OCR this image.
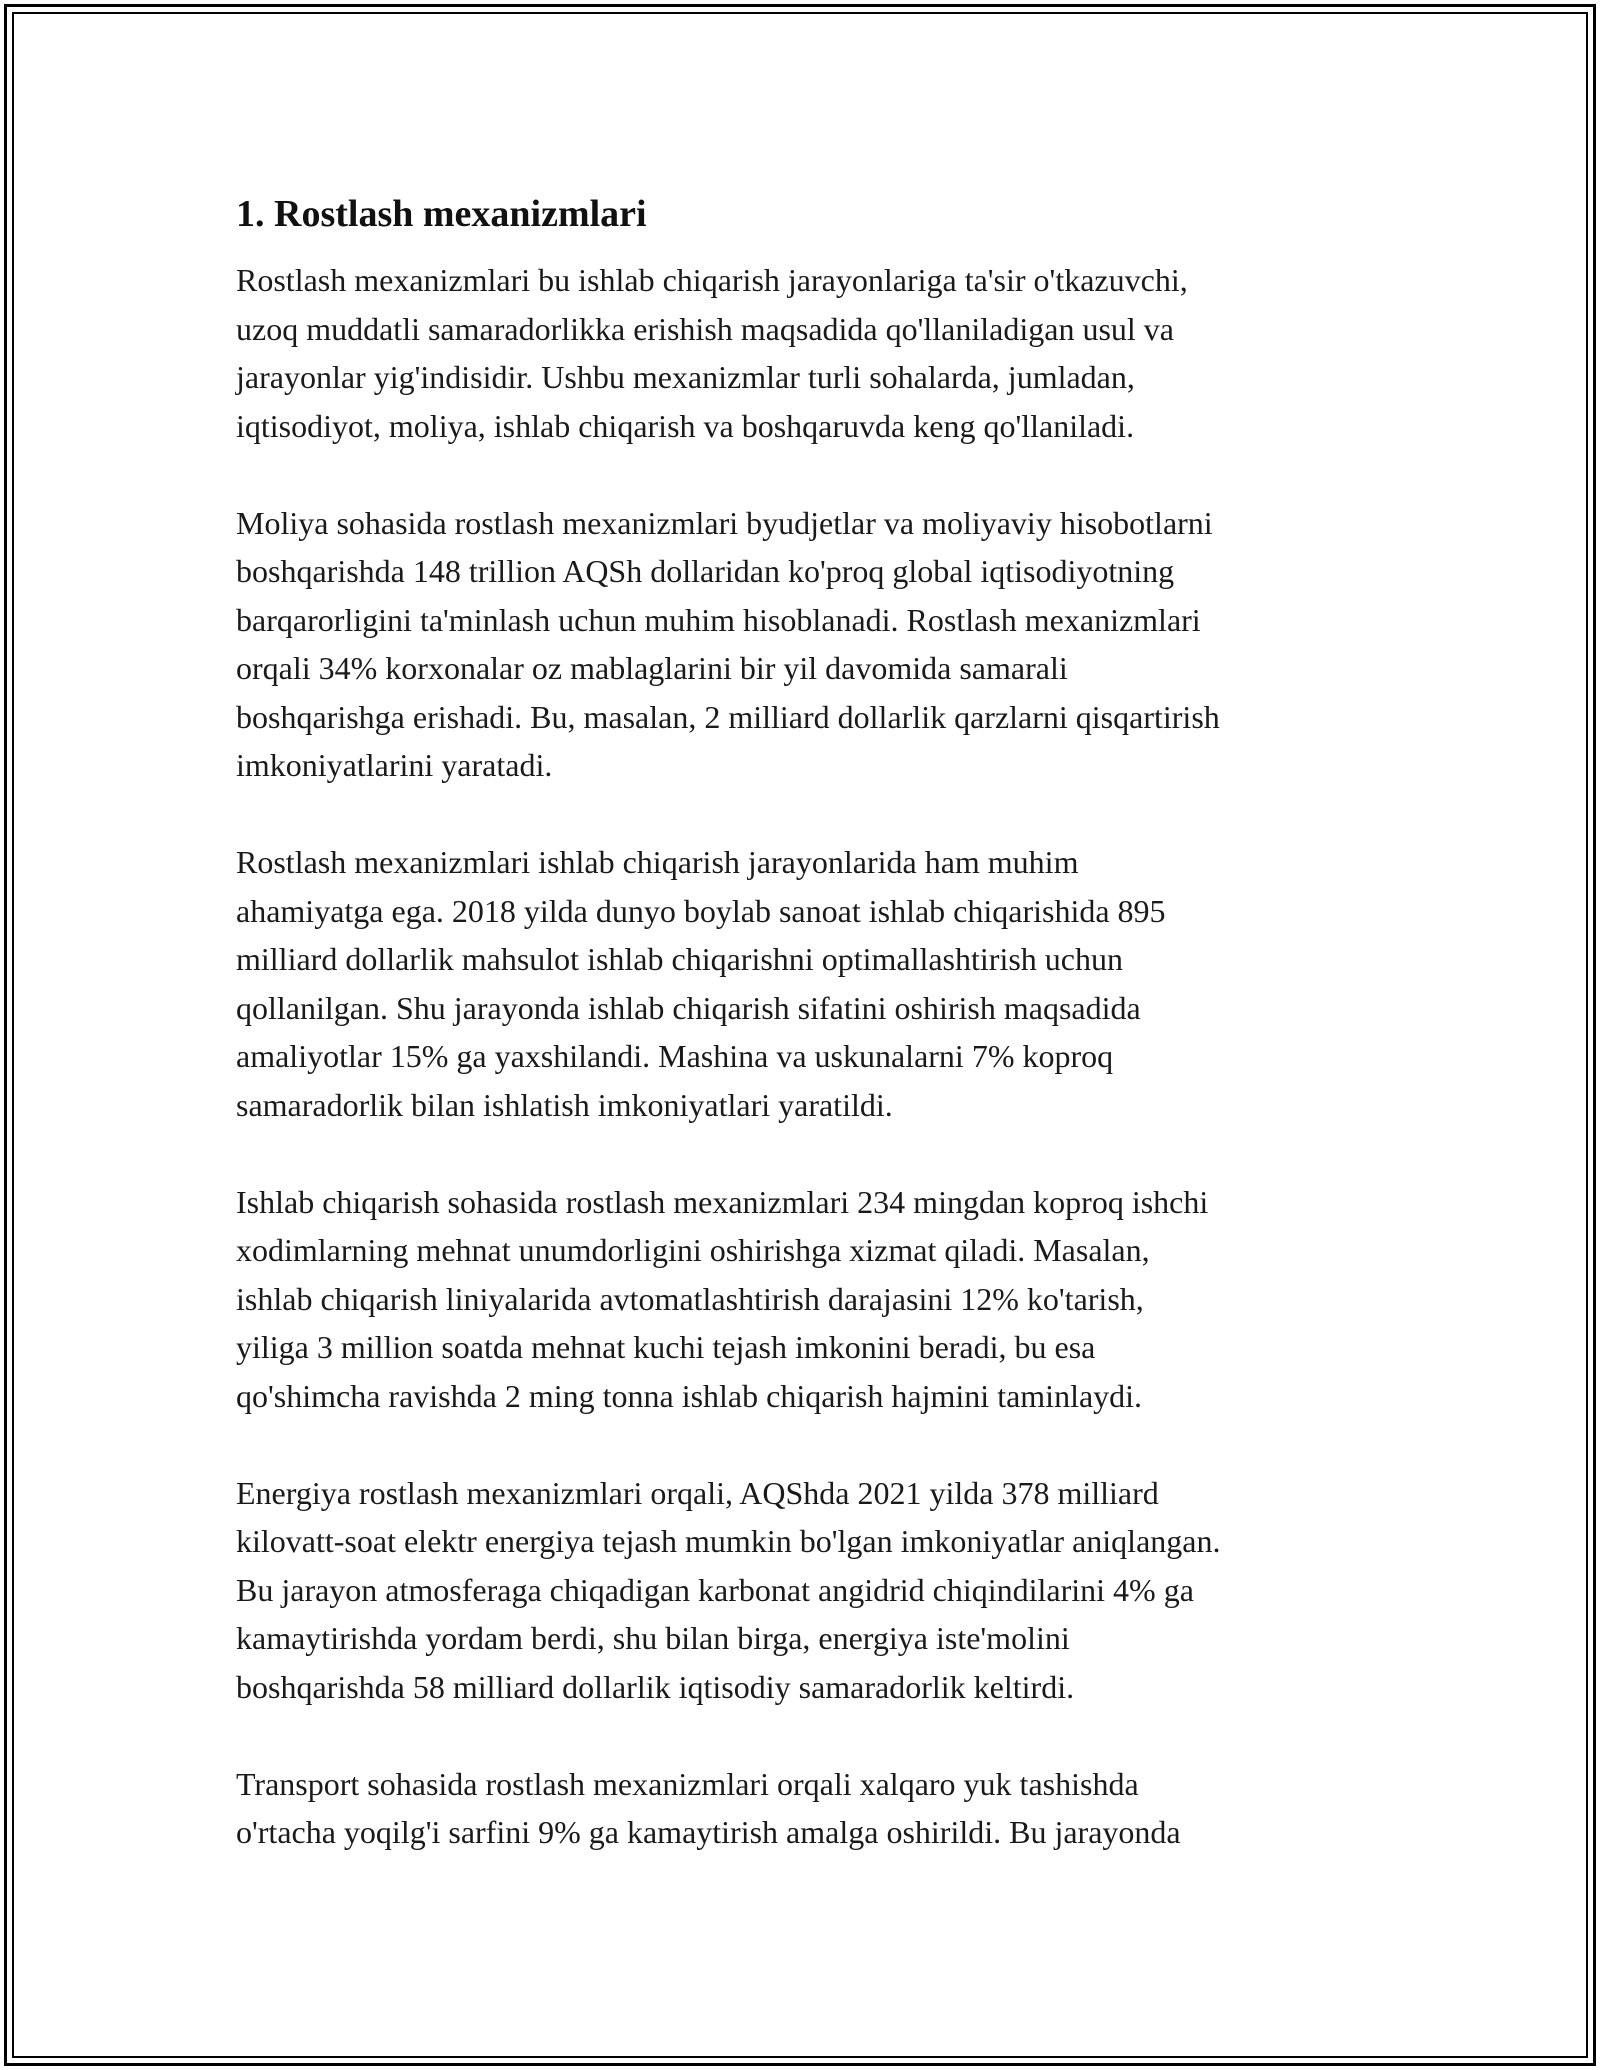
1. Rostlash mexanizmlari

Rostlash mexanizmlari bu ishlab chiqarish jarayonlariga ta'sir o'tkazuvchi,
uzoq muddatli samaradorlikka erishish maqsadida qo'llaniladigan usul va
jarayonlar yig'indisidir. Ushbu mexanizmlar turli sohalarda, jumladan,
iqtisodiyot, moliya, ishlab chiqarish va boshqaruvda keng qo'llaniladi.

Moliya sohasida rostlash mexanizmlari byudjetlar va moliyaviy hisobotlarni
boshqarishda 148 trillion AQSh dollaridan ko'proq global iqtisodiyotning
barqarorligini ta'minlash uchun muhim hisoblanadi. Rostlash mexanizmlari
orqali 34% korxonalar oz mablaglarini bir yil davomida samarali
boshqarishga erishadi. Bu, masalan, 2 milliard dollarlik qarzlarni qisqartirish
imkoniyatlarini yaratadi.

Rostlash mexanizmlari ishlab chiqarish jarayonlarida ham muhim
ahamiyatga ega. 2018 yilda dunyo boylab sanoat ishlab chiqarishida 895
milliard dollarlik mahsulot ishlab chiqarishni optimallashtirish uchun
qollanilgan. Shu jarayonda ishlab chiqarish sifatini oshirish maqsadida
amaliyotlar 15% ga yaxshilandi. Mashina va uskunalarni 7% koproq
samaradorlik bilan ishlatish imkoniyatlari yaratildi.

Ishlab chiqarish sohasida rostlash mexanizmlari 234 mingdan koproq ishchi
xodimlarning mehnat unumdorligini oshirishga xizmat qiladi. Masalan,
ishlab chiqarish liniyalarida avtomatlashtirish darajasini 12% ko'tarish,
yiliga 3 million soatda mehnat kuchi tejash imkonini beradi, bu esa
qo'shimcha ravishda 2 ming tonna ishlab chiqarish hajmini taminlaydi.

Energiya rostlash mexanizmlari orqali, AQShda 2021 yilda 378 milliard
kilovatt-soat elektr energiya tejash mumkin bo'lgan imkoniyatlar aniqlangan.
Bu jarayon atmosferaga chiqadigan karbonat angidrid chiqindilarini 4% ga
kamaytirishda yordam berdi, shu bilan birga, energiya iste'molini
boshqarishda 58 milliard dollarlik iqtisodiy samaradorlik keltirdi.

Transport sohasida rostlash mexanizmlari orqali xalqaro yuk tashishda
o'rtacha yoqilg'i sarfini 9% ga kamaytirish amalga oshirildi. Bu jarayonda
